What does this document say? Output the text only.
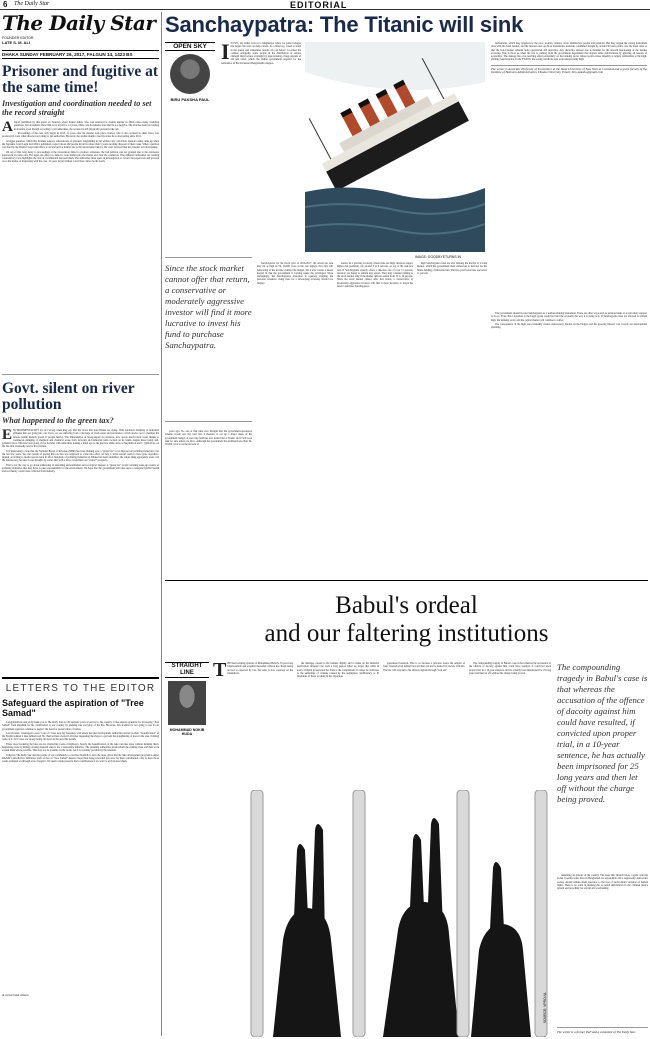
6 The Daily Star	EDITORIAL
The Daily Star
FOUNDER EDITOR
LATE S. M. ALI
DHAKA SUNDAY FEBRUARY 26, 2017, FALGUN 14, 1423 BS
Prisoner and fugitive at the same time!
Investigation and coordination needed to set the record straight

A report published by this paper on Saturday about Kamol Khan, who was arrested for double murder in 2004, raises many troubling questions. Jail documents show him to be in jail for 12 years, while case documents state that he is a fugitive. The trial has been proceeding in absentia, even though according to jail authorities, the accused is still physically present in the jail.

Proceedings of the case only began in 2013, 11 years after the murder took place. Kamol, who is also accused in other cases, was produced in court when directed according to jail authorities. However, the double murder case file states he is absconding since 2011.

A bigger question: which this incident raises is whereabouts of prisoners languishing in jail without any conviction. Kamol's name came up when the Supreme Court Legal Aid Office submitted a report about 462 people in jail for more than 5 years awaiting disposal of their cases. When a petition was filed by the District Legal Aid Office to secure bail for Kamol due to the unwarranted delays, the court declared that the prisoner was absconding.

On top of this long delay to proceedings at the prosecution failed to produce witnesses, the bail petition was not granted due to the erroneous paperwork on some end. The legal aid office too failed to look further into the matter and clear the confusion. That different authorities are relating contradictory facts highlights the lack of coordination between them. The authorities must open an investigation to correct the paperwork and proceed on to the matter of dispensing with the case. 12 years in jail without conviction cannot be the norm.

Govt. silent on river pollution
What happened to the green tax?

ENVIRONMENTALISTS are not wrong when they say that the rivers that feed Dhaka are dying. With relentless dumping of industrial effluents that are going into our rivers, we are suffering from a shortage of fresh water and prevalence of fish stocks, not to mention the serious health hazards posed to people hereby. The Shitalakshya in Narayanganj for instance, now sports much black water thanks to continuous dumping of chemical and chemical waste from factories and industrial units located on its banks despite those being anti-pollution laws. This has been going on for decades with authorities turning a blind eye to the practice while areas of Nayabhit-A and C typhoid are on the rise that eventually lead to liver failure.

It is interesting to note that the National Board of Revenue (NBR) has been mulling over a "green tax" to be imposed on polluting industries over the last few years. Yet, the system of paying this tax that was supposed to come into effect on July 1, 2014 doesn't seem to have gone anywhere. Indeed, according to media reports back in 2014, hundreds of polluting industries in Dhaka had been identified, the whole thing apparently went cold the bureaucracy because it was thought, by some, that such a move would hurt our "export" prospects.

That is not the way to go about addressing an unfolding environmental and ecological disaster. A "green tax" would certainly wake up owners of polluting industries that they have to take responsibility for the environment. We hope that the government will take steps to safeguard public health and not merely count taxes collected from industry.

LETTERS TO THE EDITOR
Safeguard the aspiration of "Tree Samad"

Congratulations and a big thank you to The Daily Star for 26 fantastic years of service to the country. I take express gratitude for increasing "Tree Samad" from Rajshahi for his contribution to our country by planting tree everyday of his life. However, this tradition is not going to last if our government agencies continue to neglect the need for preservation of nature.

Last October, I managed to save 5 out of 7 trees near my boundary wall where the lake development authorities started on their "beautification" of the North Gulshan 2 lake behind road 50. I had written a letter in October requesting the mayor to prevent the slaughtering of trees in the area. Nothing came of it. Now trees are slowly being cut down in the area this month.

These trees bordering the lake are not obstructing roads or highways. Surely, the beautification of the lake can take place without harming them. Replanting trees by killing existing matured ones is not a reasonable initiative. The planning authorities should mark the existing trees and then work around them where possible. This may not be possible on the roads, but it is certainly possible by the lakeside.

I implore The Daily Star and the people of our community to convince RAJUK to save the trees, given that the lake development program is under RAJUK's jurisdiction. Initiatives such as that of "Tree Samad" deserve more than being rewarded just once for their contribution, only to have those works trampled on through acts of neglect. We need to help preserve their contributions if we want to truly honour them.

A concerned citizen
Sanchaypatra: The Titanic will sink
OPEN SKY
BIRU PAKSHA PAUL

I N 1971, my father took us to Meghalaya where we joined refugee life began. We were on daily rations. As a little boy, I used to stand in the queue and sometimes rations ran out before I reached the counter. Allegedly, some people in the distribution of rations changed their fortune overnight by appropriating a huge amount of aid and relief, which the Indian government targeted for the sustenance of the devastated Bangladeshi refugees.

IMAGE: GOODBYETURNS.IN

instruments, which they targeted for the poor, women, retirees, lower middleclass people and pensions. But they tagged the saving instrument rates with the bond market, and the interest rates on those instruments maintain a skimmed margin by around 50 basis points over the bond rates so that the bond market remains quite operational and attractive. Any distortive interest rate is harmful for the smooth functioning of the market economy. This is more so when the rate is coming from the government department that signals some stubbornness by ignoring all lessons of economics. The damage has a far-reaching effect particularly on the banking sector whose recent excess liquidity is largely attributable to the high-yielding Sanchaypatra. In the FY2016, the saving certificate sale went unexpectedly high.

The writer is Associate Professor of Economics at the State University of New York at Cortland and a guest faculty of the Institute of Business Administration, Dhaka University. Email: biru.paksha@gmail.com

Since the stock market cannot offer that return, a conservative or moderately aggressive investor will find it more lucrative to invest his fund to purchase Sanchaypatra.

years ago. No one at that time ever thought that the government-sponsored scheme would one day turn into a monster to eat up a major share of the government budget. A once tiny fund has now turned into a Titanic and it will soon sink for sure unless we fix it. Although the government has estimated less than Tk. 20,000 crore to be the net sale of

Sanchaypatra for the fiscal year of 2016-2017, the actual net sale may hit as high as Tk. 50,000 crore as the rate signals. Not only still ballooning of the income clubbed the budget, but it also creates a moral hazard in that the government is locking tenets the privileged. More damagingly, the Sanchaypatra distortion is squarely trapping the personal treasures: rising rates for a developing economy should not display.

nation. In a growing economy where risks are high, investors expect higher risk premium, say around 5 to 6 percent, on top of the risk-free rate. If Sanchaypatra already offers a risk-free rate of over 11 percent, investors are happy to remain lazy savers. They may consider rushing to the stock market only if the market delivers return from 15 to 16 percent. Since the stock market cannot offer that return, a conservative or moderately aggressive investor will find it more lucrative to invest his fund to purchase Sanchaypatra.

high Sanchaypatra rates are also missing the motive of a bond market, which the government must endeavour to develop for the future funding of infrastructure. The five-year bond rates are below 11 percent.

The government should not use Sanchaypatra as a welfare-making instrument. There are other ways such as pension funds or social safety support to do so. Even direct donation to the target group would not hurt the economy the way it is doing now. If Sanchaypatra rates are allowed to remain high, the banking sector and the capital market will continue to suffer.

The consequence of the high rate eventually creates unnecessary burden on the budget, and the growing interest cost crowds out development spending.

Babul's ordeal
and our faltering institutions
STRAIGHT LINE
MOHAMMAD NOKIB HUDA

THE heart-rending episode of Mohammad Babul's 25-year-long imprisonment and acquittal thereafter without the charge being proved at expected by law, the onus is now squarely on the institutions.

the damages caused to his bemuse dignity and to make up the financial deprivation suffered over such a long period. Must we forget that while in every criminal prosecution the State is the complainant, it cannot be oblivious to the sufferings of citizens caused by the negligence, inefficiency or ill intentions of those working in the apparatus.

guaranteed freedom. This is so because a prisoner wears the armour of basic freedom even behind bars and that can not be denied by lawless officials. The law will respond to his distress signals through "writ aid".

The compounding tragedy in Babul's case is that whereas the accusation of the offence of dacoity against him could have resulted, if convicted upon proper trial, in a 10-year sentence, he has actually been imprisoned for 25 long years and then let off without the charge being proved.

The compounding tragedy in Babul's case is that whereas the accusation of the offence of dacoity against him could have resulted, if convicted upon proper trial, in a 10-year sentence, he has actually been imprisoned for 25 long years and then let off without the charge being proved.

SOURCE: VPRO.NL

remaining 42 prisons of the country. The issue that should follow cogent concerns is that it seems some lives in Bangladesh are expendable and a supposedly democratic society should remain silent spectator to the loss of such blatant violation of human rights. There is no point in blaming the so-called deficiencies in the criminal justice system and preaching for reform and overhauling.

The writer is a former IGP and a columnist of The Daily Star.
